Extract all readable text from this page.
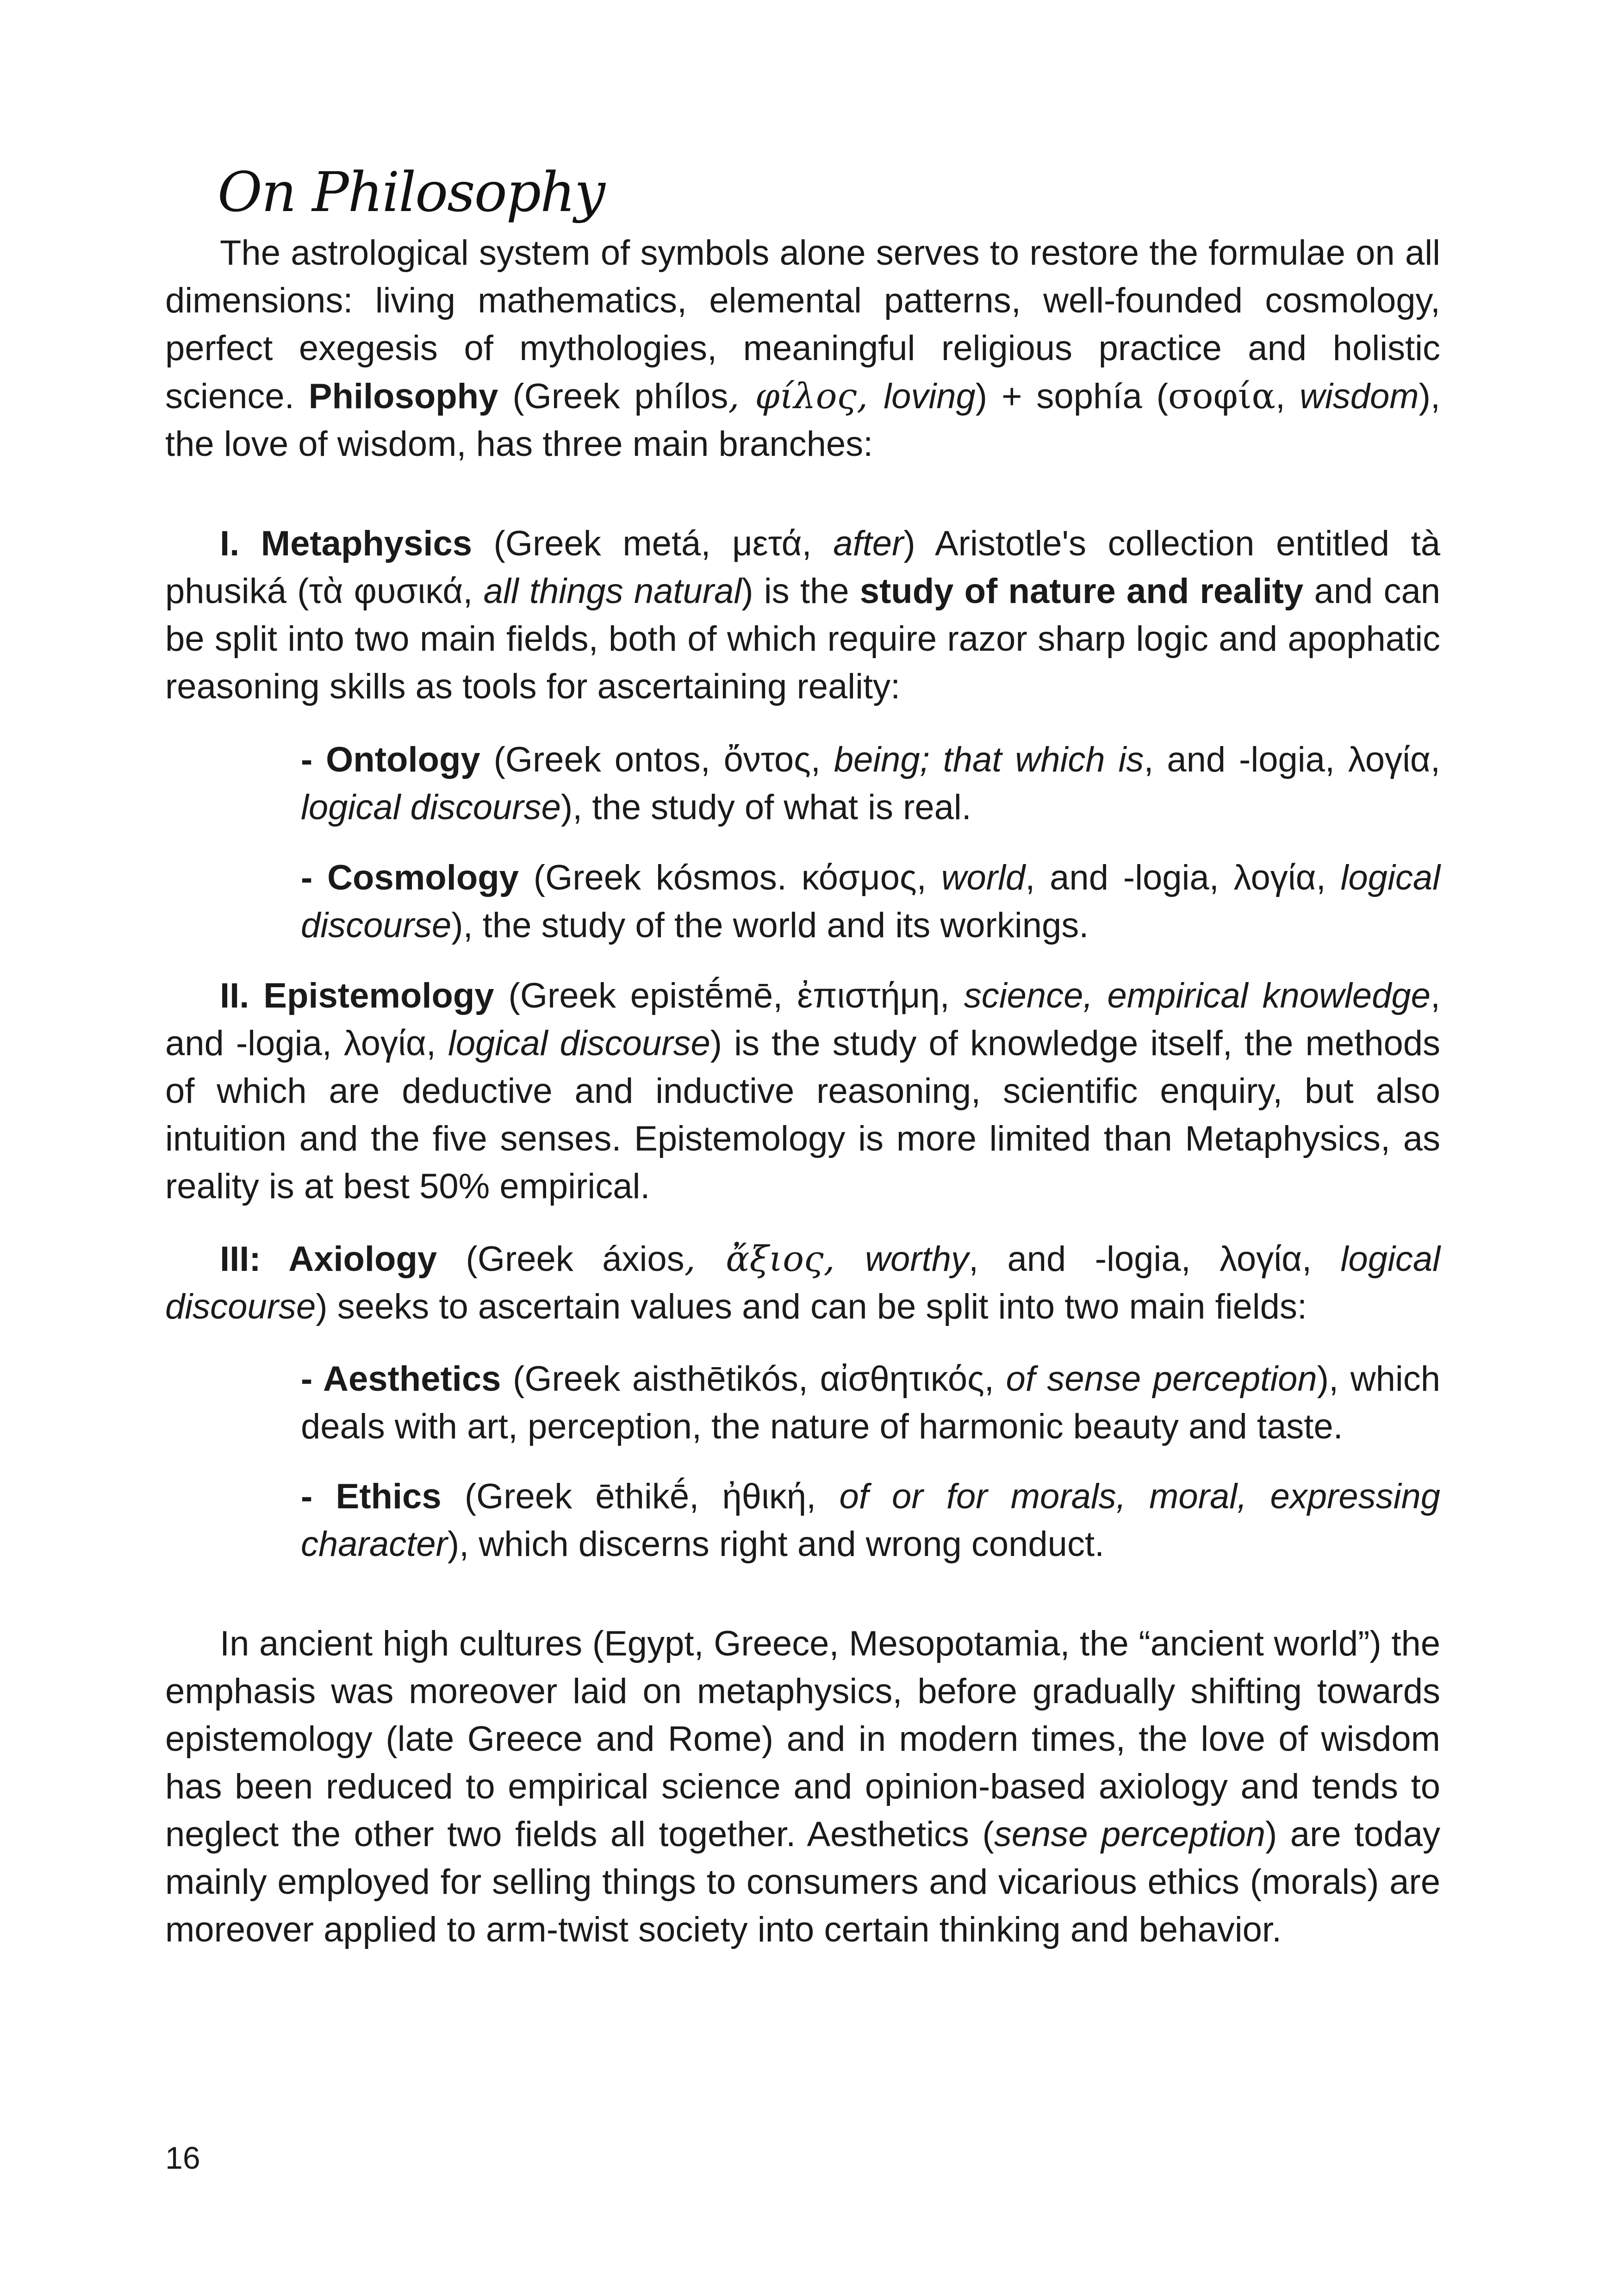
On Philosophy

The astrological system of symbols alone serves to restore the formulae on all dimensions: living mathematics, elemental patterns, well-founded cosmology, perfect exegesis of mythologies, meaningful religious practice and holistic science. Philosophy (Greek phílos, φίλος, loving) + sophía (σοφία, wisdom), the love of wisdom, has three main branches:

I. Metaphysics (Greek metá, μετά, after) Aristotle's collection entitled tà phusiká (τὰ φυσικά, all things natural) is the study of nature and reality and can be split into two main fields, both of which require razor sharp logic and apophatic reasoning skills as tools for ascertaining reality:

- Ontology (Greek ontos, ὄντος, being; that which is, and -logia, λογία, logical discourse), the study of what is real.

- Cosmology (Greek kósmos. κόσμος, world, and -logia, λογία, logical discourse), the study of the world and its workings.

II. Epistemology (Greek epistḗmē, ἐπιστήμη, science, empirical knowledge, and -logia, λογία, logical discourse) is the study of knowledge itself, the methods of which are deductive and inductive reasoning, scientific enquiry, but also intuition and the five senses. Epistemology is more limited than Metaphysics, as reality is at best 50% empirical.

III: Axiology (Greek áxios, ἄξιος, worthy, and -logia, λογία, logical discourse) seeks to ascertain values and can be split into two main fields:

- Aesthetics (Greek aisthētikós, αἰσθητικός, of sense perception), which deals with art, perception, the nature of harmonic beauty and taste.

- Ethics (Greek ēthikḗ, ἠθική, of or for morals, moral, expressing character), which discerns right and wrong conduct.

In ancient high cultures (Egypt, Greece, Mesopotamia, the “ancient world”) the emphasis was moreover laid on metaphysics, before gradually shifting towards epistemology (late Greece and Rome) and in modern times, the love of wisdom has been reduced to empirical science and opinion-based axiology and tends to neglect the other two fields all together. Aesthetics (sense perception) are today mainly employed for selling things to consumers and vicarious ethics (morals) are moreover applied to arm-twist society into certain thinking and behavior.

16
